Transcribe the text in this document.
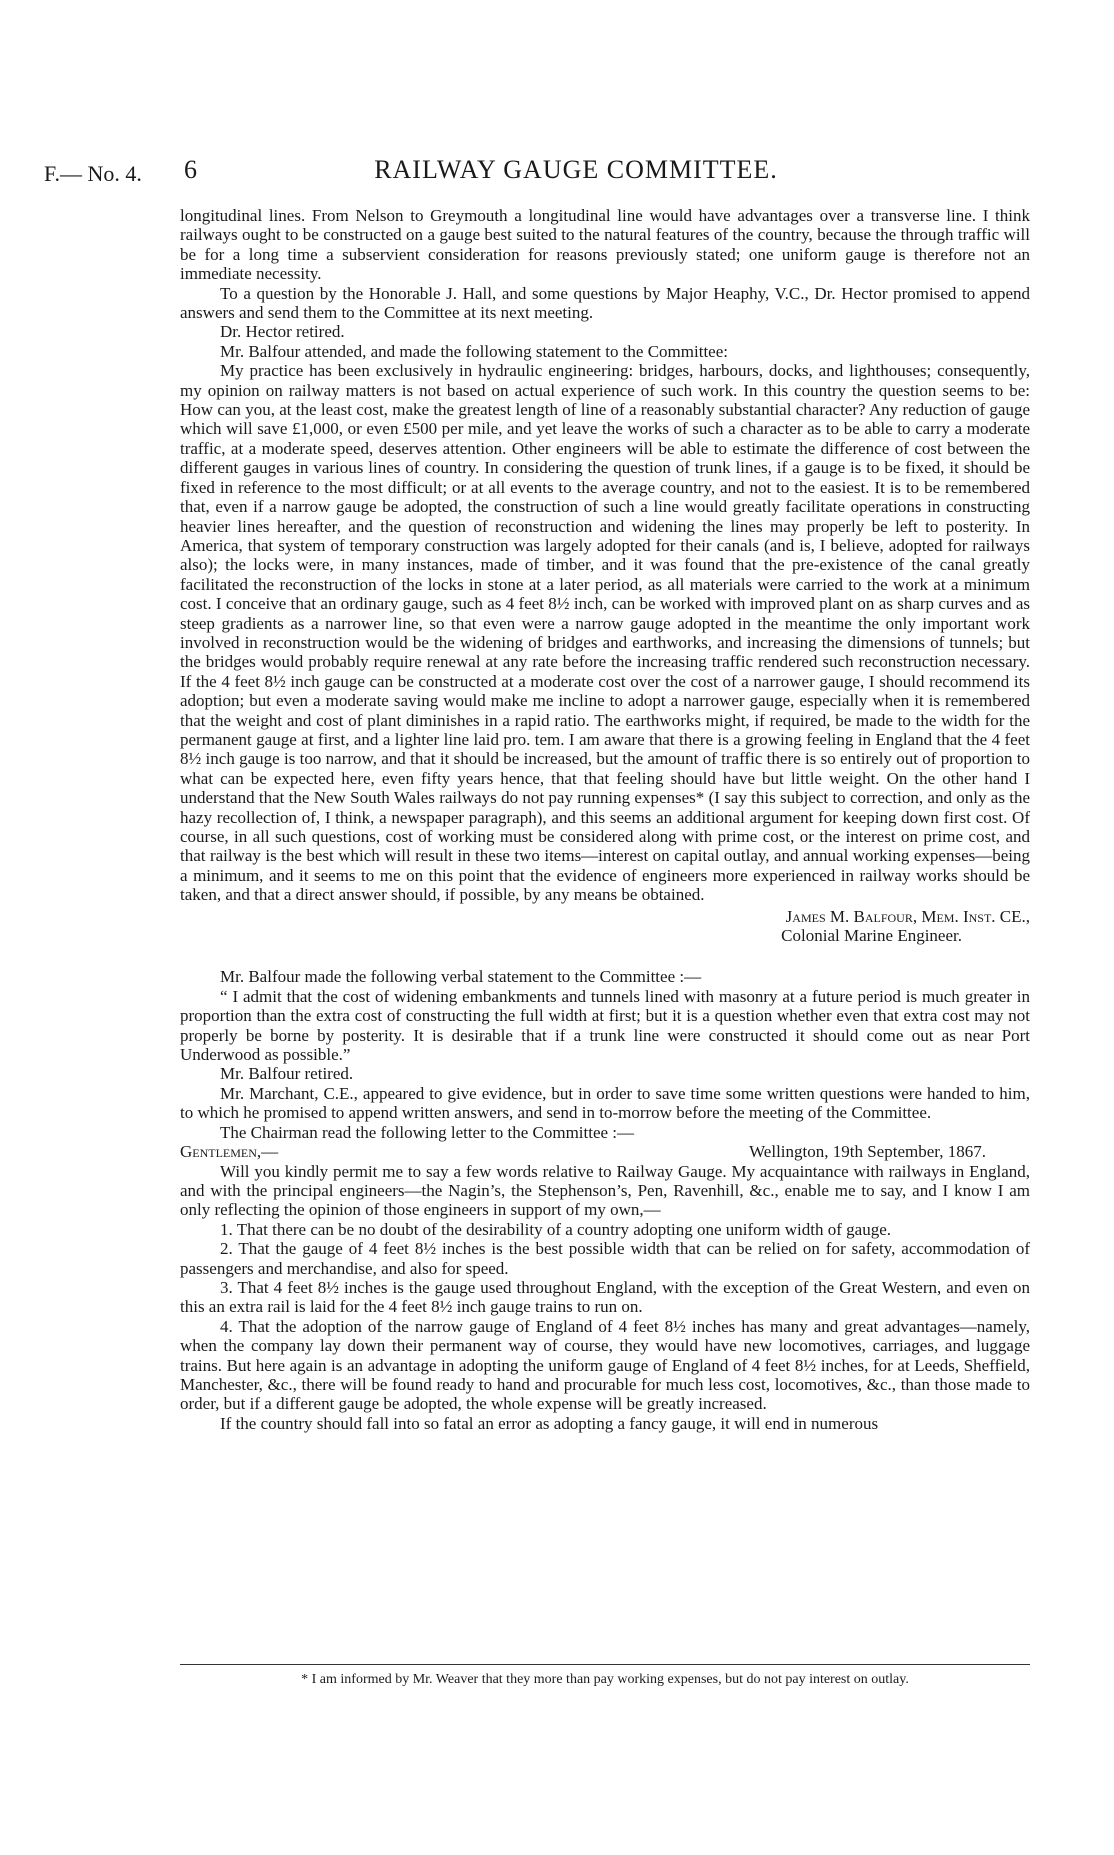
F.— No. 4. 6	RAILWAY GAUGE COMMITTEE.

longitudinal lines. From Nelson to Greymouth a longitudinal line would have advantages over a transverse line. I think railways ought to be constructed on a gauge best suited to the natural features of the country, because the through traffic will be for a long time a subservient consideration for reasons previously stated; one uniform gauge is therefore not an immediate necessity.

To a question by the Honorable J. Hall, and some questions by Major Heaphy, V.C., Dr. Hector promised to append answers and send them to the Committee at its next meeting.

Dr. Hector retired.

Mr. Balfour attended, and made the following statement to the Committee:

My practice has been exclusively in hydraulic engineering: bridges, harbours, docks, and lighthouses; consequently, my opinion on railway matters is not based on actual experience of such work. In this country the question seems to be: How can you, at the least cost, make the greatest length of line of a reasonably substantial character? Any reduction of gauge which will save £1,000, or even £500 per mile, and yet leave the works of such a character as to be able to carry a moderate traffic, at a moderate speed, deserves attention. Other engineers will be able to estimate the difference of cost between the different gauges in various lines of country. In considering the question of trunk lines, if a gauge is to be fixed, it should be fixed in reference to the most difficult; or at all events to the average country, and not to the easiest. It is to be remembered that, even if a narrow gauge be adopted, the construction of such a line would greatly facilitate operations in constructing heavier lines hereafter, and the question of reconstruction and widening the lines may properly be left to posterity. In America, that system of temporary construction was largely adopted for their canals (and is, I believe, adopted for railways also); the locks were, in many instances, made of timber, and it was found that the pre-existence of the canal greatly facilitated the reconstruction of the locks in stone at a later period, as all materials were carried to the work at a minimum cost. I conceive that an ordinary gauge, such as 4 feet 8½ inch, can be worked with improved plant on as sharp curves and as steep gradients as a narrower line, so that even were a narrow gauge adopted in the meantime the only important work involved in reconstruction would be the widening of bridges and earthworks, and increasing the dimensions of tunnels; but the bridges would probably require renewal at any rate before the increasing traffic rendered such reconstruction necessary. If the 4 feet 8½ inch gauge can be constructed at a moderate cost over the cost of a narrower gauge, I should recommend its adoption; but even a moderate saving would make me incline to adopt a narrower gauge, especially when it is remembered that the weight and cost of plant diminishes in a rapid ratio. The earthworks might, if required, be made to the width for the permanent gauge at first, and a lighter line laid pro. tem. I am aware that there is a growing feeling in England that the 4 feet 8½ inch gauge is too narrow, and that it should be increased, but the amount of traffic there is so entirely out of proportion to what can be expected here, even fifty years hence, that that feeling should have but little weight. On the other hand I understand that the New South Wales railways do not pay running expenses* (I say this subject to correction, and only as the hazy recollection of, I think, a newspaper paragraph), and this seems an additional argument for keeping down first cost. Of course, in all such questions, cost of working must be considered along with prime cost, or the interest on prime cost, and that railway is the best which will result in these two items—interest on capital outlay, and annual working expenses—being a minimum, and it seems to me on this point that the evidence of engineers more experienced in railway works should be taken, and that a direct answer should, if possible, by any means be obtained.

James M. Balfour, Mem. Inst. CE.,
Colonial Marine Engineer.

Mr. Balfour made the following verbal statement to the Committee :—

“ I admit that the cost of widening embankments and tunnels lined with masonry at a future period is much greater in proportion than the extra cost of constructing the full width at first; but it is a question whether even that extra cost may not properly be borne by posterity. It is desirable that if a trunk line were constructed it should come out as near Port Underwood as possible.”

Mr. Balfour retired.

Mr. Marchant, C.E., appeared to give evidence, but in order to save time some written questions were handed to him, to which he promised to append written answers, and send in to-morrow before the meeting of the Committee.

The Chairman read the following letter to the Committee :—

Gentlemen,—	Wellington, 19th September, 1867.

Will you kindly permit me to say a few words relative to Railway Gauge. My acquaintance with railways in England, and with the principal engineers—the Nagin’s, the Stephenson’s, Pen, Ravenhill, &c., enable me to say, and I know I am only reflecting the opinion of those engineers in support of my own,—

1. That there can be no doubt of the desirability of a country adopting one uniform width of gauge.

2. That the gauge of 4 feet 8½ inches is the best possible width that can be relied on for safety, accommodation of passengers and merchandise, and also for speed.

3. That 4 feet 8½ inches is the gauge used throughout England, with the exception of the Great Western, and even on this an extra rail is laid for the 4 feet 8½ inch gauge trains to run on.

4. That the adoption of the narrow gauge of England of 4 feet 8½ inches has many and great advantages—namely, when the company lay down their permanent way of course, they would have new locomotives, carriages, and luggage trains. But here again is an advantage in adopting the uniform gauge of England of 4 feet 8½ inches, for at Leeds, Sheffield, Manchester, &c., there will be found ready to hand and procurable for much less cost, locomotives, &c., than those made to order, but if a different gauge be adopted, the whole expense will be greatly increased.

If the country should fall into so fatal an error as adopting a fancy gauge, it will end in numerous

* I am informed by Mr. Weaver that they more than pay working expenses, but do not pay interest on outlay.
